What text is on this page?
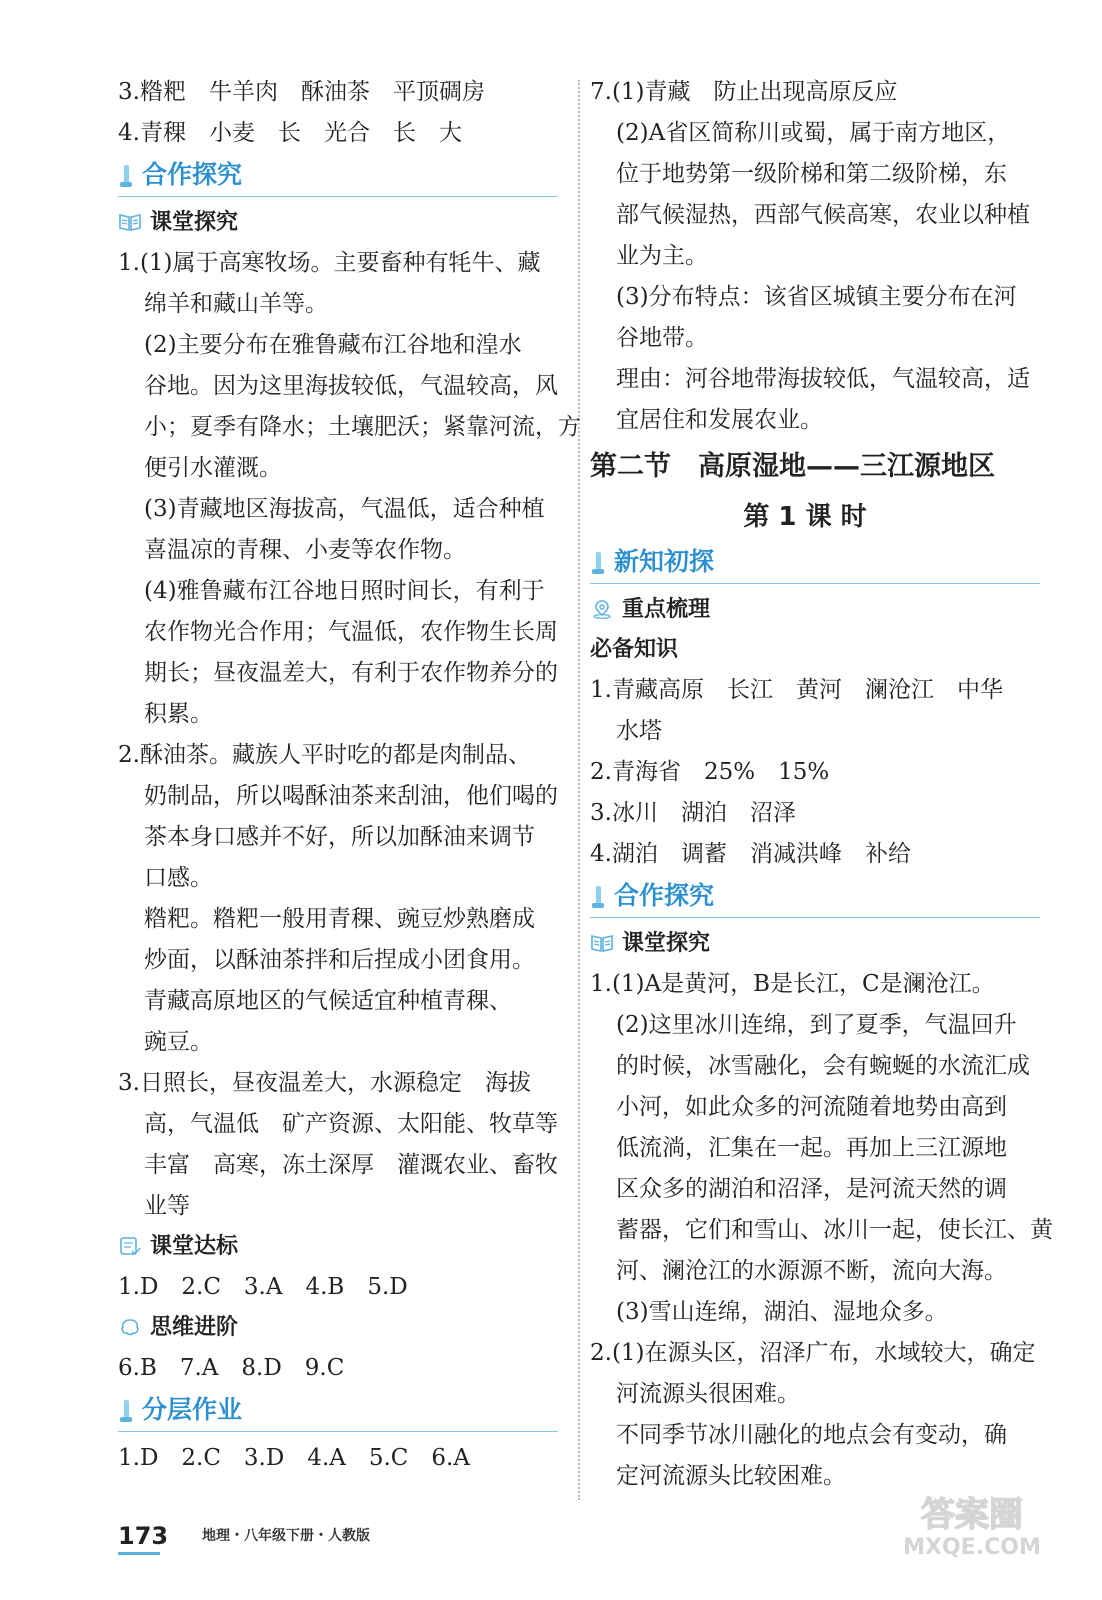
3.糌粑　牛羊肉　酥油茶　平顶碉房
4.青稞　小麦　长　光合　长　大
合作探究
课堂探究
1.(1)属于高寒牧场。主要畜种有牦牛、藏
绵羊和藏山羊等。
(2)主要分布在雅鲁藏布江谷地和湟水
谷地。因为这里海拔较低，气温较高，风
小；夏季有降水；土壤肥沃；紧靠河流，方
便引水灌溉。
(3)青藏地区海拔高，气温低，适合种植
喜温凉的青稞、小麦等农作物。
(4)雅鲁藏布江谷地日照时间长，有利于
农作物光合作用；气温低，农作物生长周
期长；昼夜温差大，有利于农作物养分的
积累。
2.酥油茶。藏族人平时吃的都是肉制品、
奶制品，所以喝酥油茶来刮油，他们喝的
茶本身口感并不好，所以加酥油来调节
口感。
糌粑。糌粑一般用青稞、豌豆炒熟磨成
炒面，以酥油茶拌和后捏成小团食用。
青藏高原地区的气候适宜种植青稞、
豌豆。
3.日照长，昼夜温差大，水源稳定　海拔
高，气温低　矿产资源、太阳能、牧草等
丰富　高寒，冻土深厚　灌溉农业、畜牧
业等
课堂达标
1.D　2.C　3.A　4.B　5.D
思维进阶
6.B　7.A　8.D　9.C
分层作业
1.D　2.C　3.D　4.A　5.C　6.A
7.(1)青藏　防止出现高原反应
(2)A省区简称川或蜀，属于南方地区，
位于地势第一级阶梯和第二级阶梯，东
部气候湿热，西部气候高寒，农业以种植
业为主。
(3)分布特点：该省区城镇主要分布在河
谷地带。
理由：河谷地带海拔较低，气温较高，适
宜居住和发展农业。
第二节　高原湿地——三江源地区
第 1 课 时
新知初探
重点梳理
必备知识
1.青藏高原　长江　黄河　澜沧江　中华
水塔
2.青海省　25%　15%
3.冰川　湖泊　沼泽
4.湖泊　调蓄　消减洪峰　补给
合作探究
课堂探究
1.(1)A是黄河，B是长江，C是澜沧江。
(2)这里冰川连绵，到了夏季，气温回升
的时候，冰雪融化，会有蜿蜒的水流汇成
小河，如此众多的河流随着地势由高到
低流淌，汇集在一起。再加上三江源地
区众多的湖泊和沼泽，是河流天然的调
蓄器，它们和雪山、冰川一起，使长江、黄
河、澜沧江的水源源不断，流向大海。
(3)雪山连绵，湖泊、湿地众多。
2.(1)在源头区，沼泽广布，水域较大，确定
河流源头很困难。
不同季节冰川融化的地点会有变动，确
定河流源头比较困难。
173 地理・八年级下册・人教版
答案圈
MXQE.COM
